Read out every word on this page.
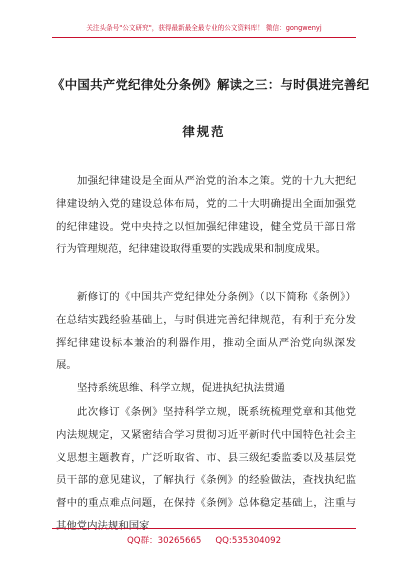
关注头条号"公文研究"，获得最新最全最专业的公文资料库！ 微信：gongwenyj
《中国共产党纪律处分条例》解读之三：与时俱进完善纪
律规范

加强纪律建设是全面从严治党的治本之策。党的十九大把纪律建设纳入党的建设总体布局，党的二十大明确提出全面加强党的纪律建设。党中央持之以恒加强纪律建设，健全党员干部日常行为管理规范，纪律建设取得重要的实践成果和制度成果。

新修订的《中国共产党纪律处分条例》（以下简称《条例》）在总结实践经验基础上，与时俱进完善纪律规范，有利于充分发挥纪律建设标本兼治的利器作用，推动全面从严治党向纵深发展。

坚持系统思维、科学立规，促进执纪执法贯通

此次修订《条例》坚持科学立规，既系统梳理党章和其他党内法规规定，又紧密结合学习贯彻习近平新时代中国特色社会主义思想主题教育，广泛听取省、市、县三级纪委监委以及基层党员干部的意见建议，了解执行《条例》的经验做法，查找执纪监督中的重点难点问题，在保持《条例》总体稳定基础上，注重与其他党内法规和国家

QQ群：30265665 QQ:535304092
